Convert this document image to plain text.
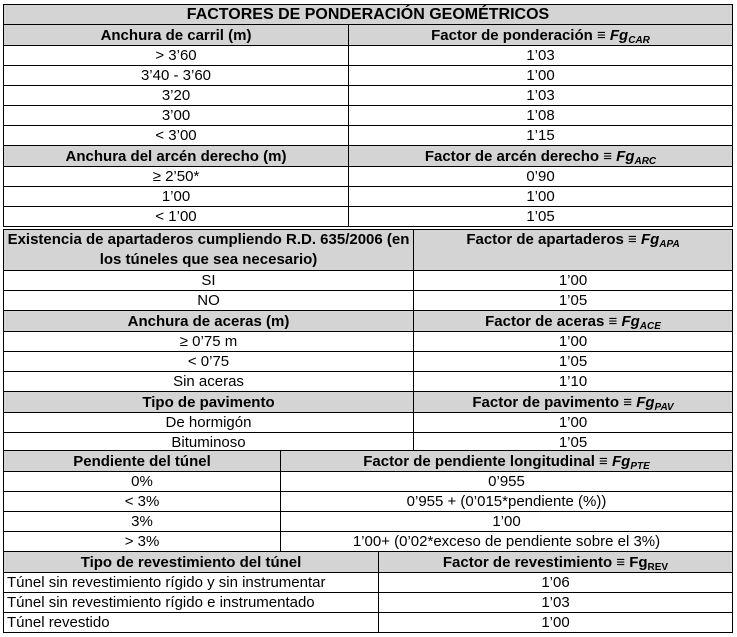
FACTORES DE PONDERACIÓN GEOMÉTRICOS	
Anchura de carril (m)	Factor de ponderación ≡ $Fg_{CAR}$
> 3’60	1’03
3’40 - 3’60	1’00
3’20	1’03
3’00	1’08
< 3’00	1’15
Anchura del arcén derecho (m)	Factor de arcén derecho ≡ $Fg_{ARC}$
≥ 2’50*	0’90
1’00	1’00
< 1’00	1’05
Existencia de apartaderos cumpliendo R.D. 635/2006 (en los túneles que sea necesario)	Factor de apartaderos ≡ $Fg_{APA}$
SI	1’00
NO	1’05
Anchura de aceras (m)	Factor de aceras ≡ $Fg_{ACE}$
≥ 0’75 m	1’00
< 0’75	1’05
Sin aceras	1’10
Tipo de pavimento	Factor de pavimento ≡ $Fg_{PAV}$
De hormigón	1’00
Bituminoso	1’05
Pendiente del túnel	Factor de pendiente longitudinal ≡ $Fg_{PTE}$
0%	0’955
< 3%	0’955 + (0’015*pendiente (%))
3%	1’00
> 3%	1’00+ (0’02*exceso de pendiente sobre el 3%)
Tipo de revestimiento del túnel	Factor de revestimiento ≡ $Fg_{REV}$
Túnel sin revestimiento rígido y sin instrumentar	1’06
Túnel sin revestimiento rígido e instrumentado	1’03
Túnel revestido	1’00
